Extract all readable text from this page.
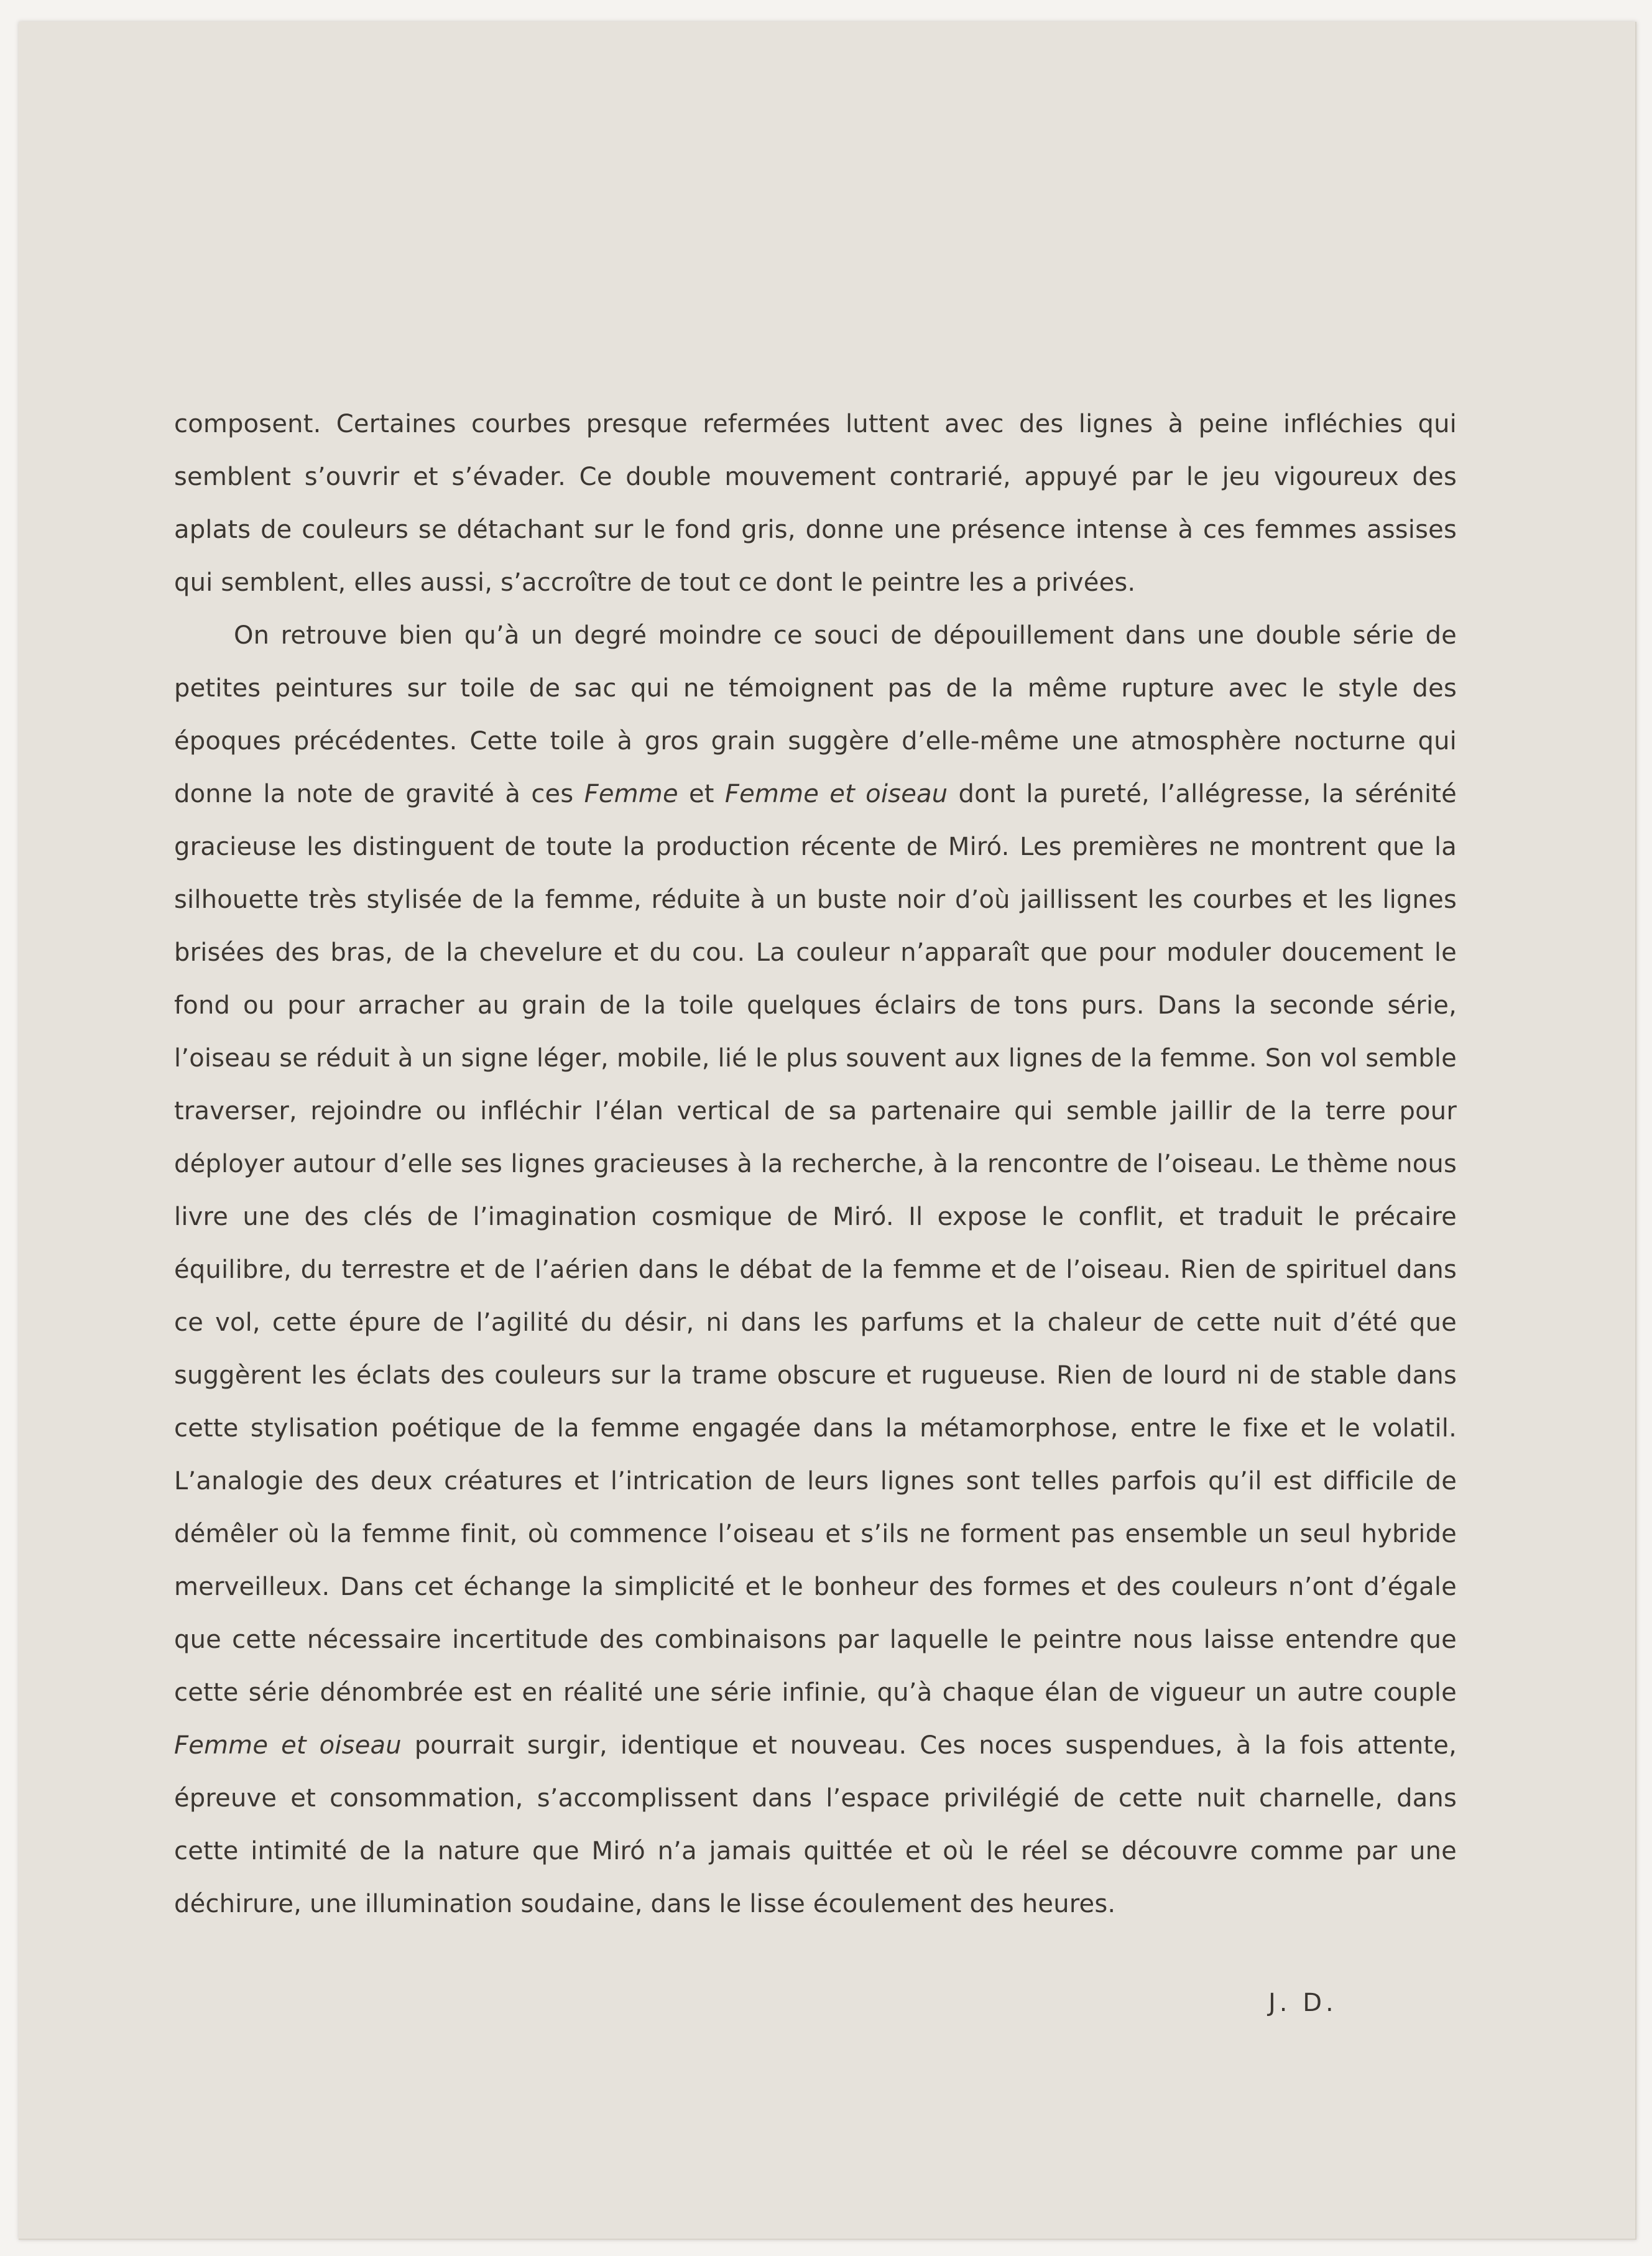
composent. Certaines courbes presque refermées luttent avec des lignes à peine infléchies qui semblent s’ouvrir et s’évader. Ce double mouvement contrarié, appuyé par le jeu vigoureux des aplats de couleurs se détachant sur le fond gris, donne une présence intense à ces femmes assises qui semblent, elles aussi, s’accroître de tout ce dont le peintre les a privées.

On retrouve bien qu’à un degré moindre ce souci de dépouillement dans une double série de petites peintures sur toile de sac qui ne témoignent pas de la même rupture avec le style des époques précédentes. Cette toile à gros grain suggère d’elle-même une atmosphère nocturne qui donne la note de gravité à ces Femme et Femme et oiseau dont la pureté, l’allégresse, la sérénité gracieuse les distinguent de toute la production récente de Miró. Les premières ne montrent que la silhouette très stylisée de la femme, réduite à un buste noir d’où jaillissent les courbes et les lignes brisées des bras, de la chevelure et du cou. La couleur n’apparaît que pour moduler doucement le fond ou pour arracher au grain de la toile quelques éclairs de tons purs. Dans la seconde série, l’oiseau se réduit à un signe léger, mobile, lié le plus souvent aux lignes de la femme. Son vol semble traverser, rejoindre ou infléchir l’élan vertical de sa partenaire qui semble jaillir de la terre pour déployer autour d’elle ses lignes gracieuses à la recherche, à la rencontre de l’oiseau. Le thème nous livre une des clés de l’imagination cosmique de Miró. Il expose le conflit, et traduit le précaire équilibre, du terrestre et de l’aérien dans le débat de la femme et de l’oiseau. Rien de spirituel dans ce vol, cette épure de l’agilité du désir, ni dans les parfums et la chaleur de cette nuit d’été que suggèrent les éclats des couleurs sur la trame obscure et rugueuse. Rien de lourd ni de stable dans cette stylisation poétique de la femme engagée dans la métamorphose, entre le fixe et le volatil. L’analogie des deux créatures et l’intrication de leurs lignes sont telles parfois qu’il est difficile de démêler où la femme finit, où commence l’oiseau et s’ils ne forment pas ensemble un seul hybride merveilleux. Dans cet échange la simplicité et le bonheur des formes et des couleurs n’ont d’égale que cette nécessaire incertitude des combinaisons par laquelle le peintre nous laisse entendre que cette série dénombrée est en réalité une série infinie, qu’à chaque élan de vigueur un autre couple Femme et oiseau pourrait surgir, identique et nouveau. Ces noces suspendues, à la fois attente, épreuve et consommation, s’accomplissent dans l’espace privilégié de cette nuit charnelle, dans cette intimité de la nature que Miró n’a jamais quittée et où le réel se découvre comme par une déchirure, une illumination soudaine, dans le lisse écoulement des heures.

J. D.
